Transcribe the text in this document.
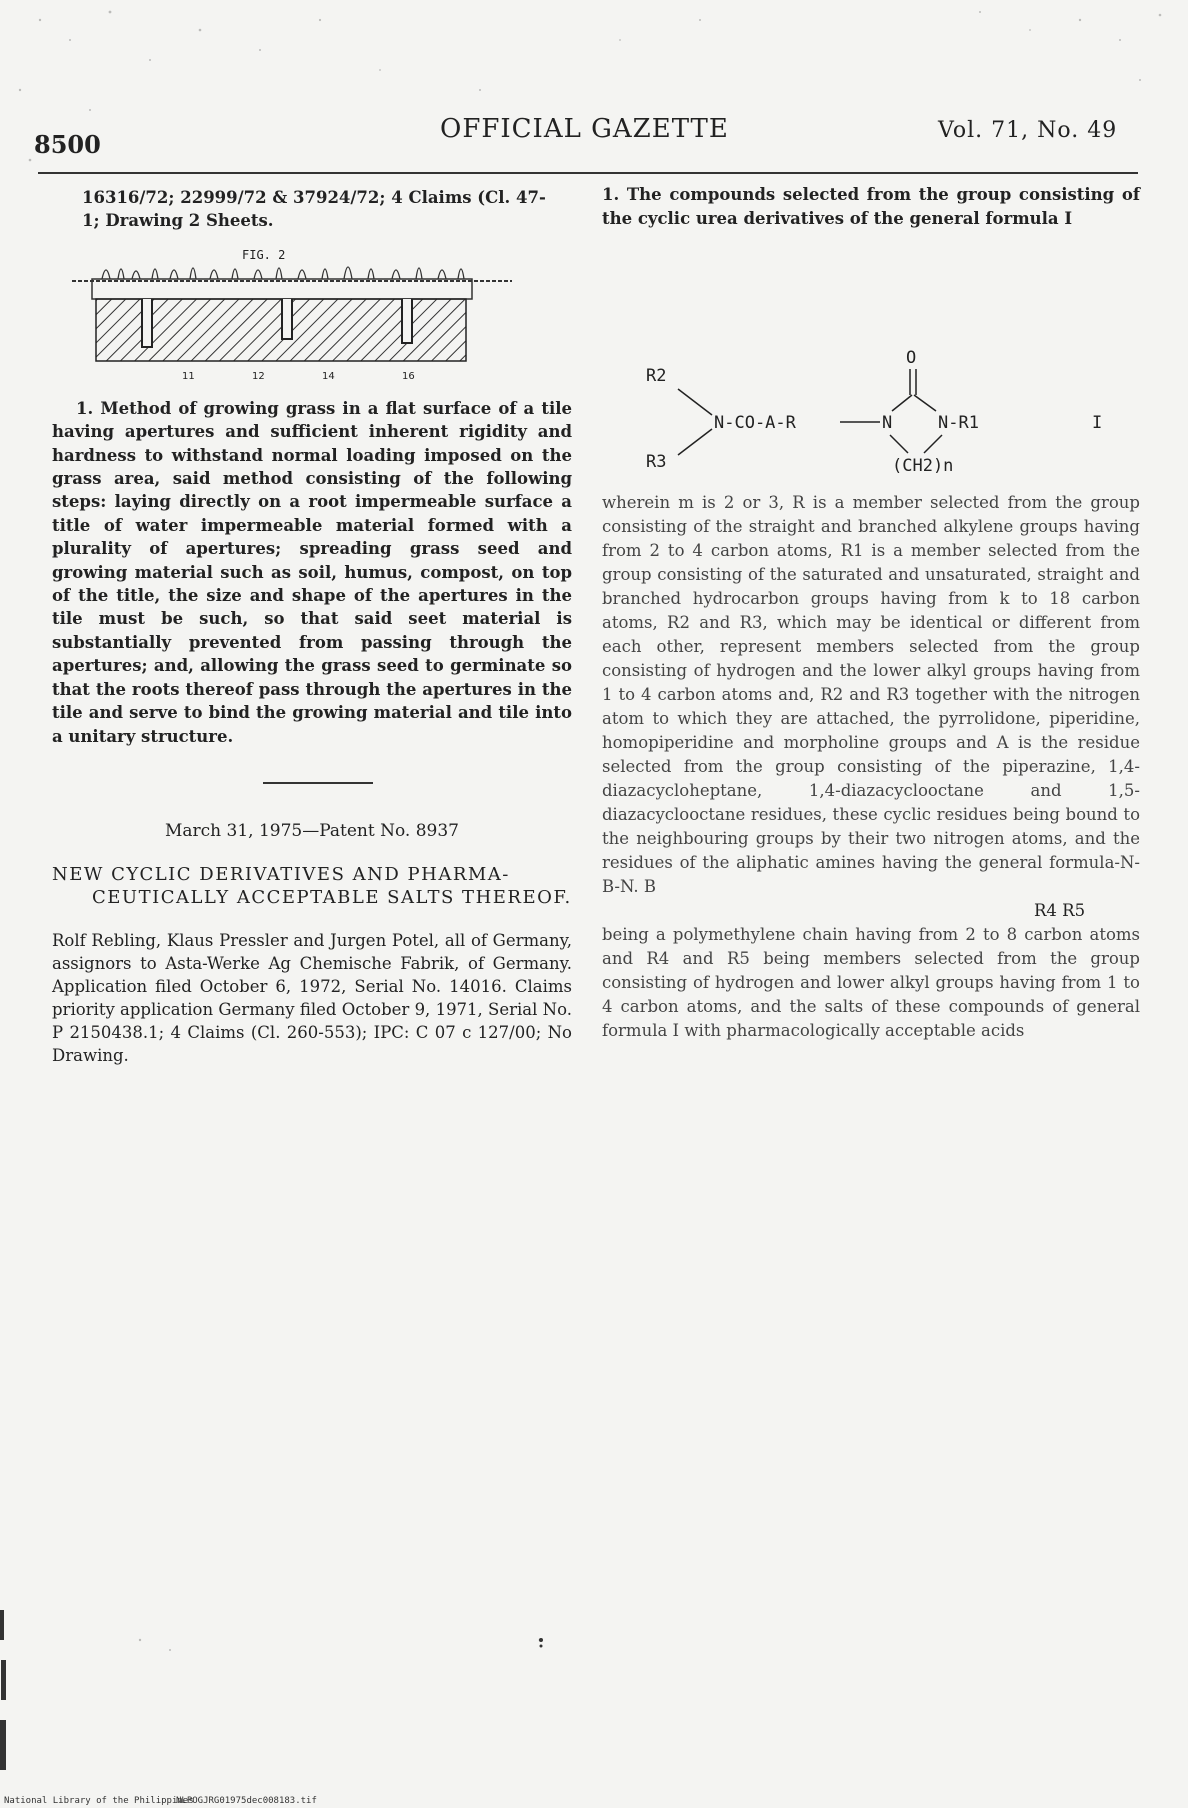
8500
OFFICIAL GAZETTE	Vol. 71, No. 49

16316/72; 22999/72 & 37924/72; 4 Claims (Cl. 47-1; Drawing 2 Sheets.

FIG. 2
11	12	14	16

1. Method of growing grass in a flat surface of a tile having apertures and sufficient inherent rigidity and hardness to withstand normal loading imposed on the grass area, said method consisting of the following steps: laying directly on a root impermeable surface a title of water impermeable material formed with a plurality of apertures; spreading grass seed and growing material such as soil, humus, compost, on top of the title, the size and shape of the apertures in the tile must be such, so that said seet material is substantially prevented from passing through the apertures; and, allowing the grass seed to germinate so that the roots thereof pass through the apertures in the tile and serve to bind the growing material and tile into a unitary structure.

March 31, 1975—Patent No. 8937
NEW CYCLIC DERIVATIVES AND PHARMA-
CEUTICALLY ACCEPTABLE SALTS THEREOF.

Rolf Rebling, Klaus Pressler and Jurgen Potel, all of Germany, assignors to Asta-Werke Ag Chemische Fabrik, of Germany. Application filed October 6, 1972, Serial No. 14016. Claims priority application Germany filed October 9, 1971, Serial No. P 2150438.1; 4 Claims (Cl. 260-553); IPC: C 07 c 127/00; No Drawing.

1. The compounds selected from the group consisting of the cyclic urea derivatives of the general formula I

R2
R3
N-CO-A-R
O
N	N-R1
(CH2)n
I

wherein m is 2 or 3, R is a member selected from the group consisting of the straight and branched alkylene groups having from 2 to 4 carbon atoms, R1 is a member selected from the group consisting of the saturated and unsaturated, straight and branched hydrocarbon groups having from k to 18 carbon atoms, R2 and R3, which may be identical or different from each other, represent members selected from the group consisting of hydrogen and the lower alkyl groups having from 1 to 4 carbon atoms and, R2 and R3 together with the nitrogen atom to which they are attached, the pyrrolidone, piperidine, homopiperidine and morpholine groups and A is the residue selected from the group consisting of the piperazine, 1,4-diazacycloheptane, 1,4-diazacyclooctane and 1,5-diazacyclooctane residues, these cyclic residues being bound to the neighbouring groups by their two nitrogen atoms, and the residues of the aliphatic amines having the general formula-N-B-N. B

R4 R5

being a polymethylene chain having from 2 to 8 carbon atoms and R4 and R5 being members selected from the group consisting of hydrogen and lower alkyl groups having from 1 to 4 carbon atoms, and the salts of these compounds of general formula I with pharmacologically acceptable acids

National Library of the Philippines
NLPOGJRG01975dec008183.tif
